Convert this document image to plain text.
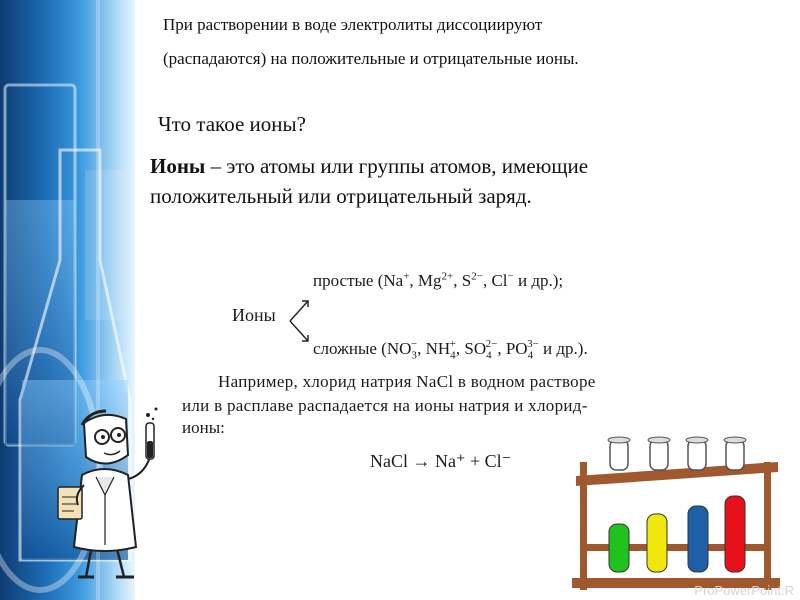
При растворении в воде электролиты диссоциируют
(распадаются) на положительные и отрицательные ионы.

Что такое ионы?

Ионы – это атомы или группы атомов, имеющие
положительный или отрицательный заряд.

Ионы
простые (Na+, $Mg^{2+}$, $S^{2-}$, Cl− и др.);
сложные ($NO_3^-$, $NH_4^+$, $SO_4^{2-}$, $PO_4^{3-}$ и др.).
Например, хлорид натрия NaCl в водном растворе
или в расплаве распадается на ионы натрия и хлорид-
ионы:
NaCl → Na⁺ + Cl⁻
ProPowerPoint.R
